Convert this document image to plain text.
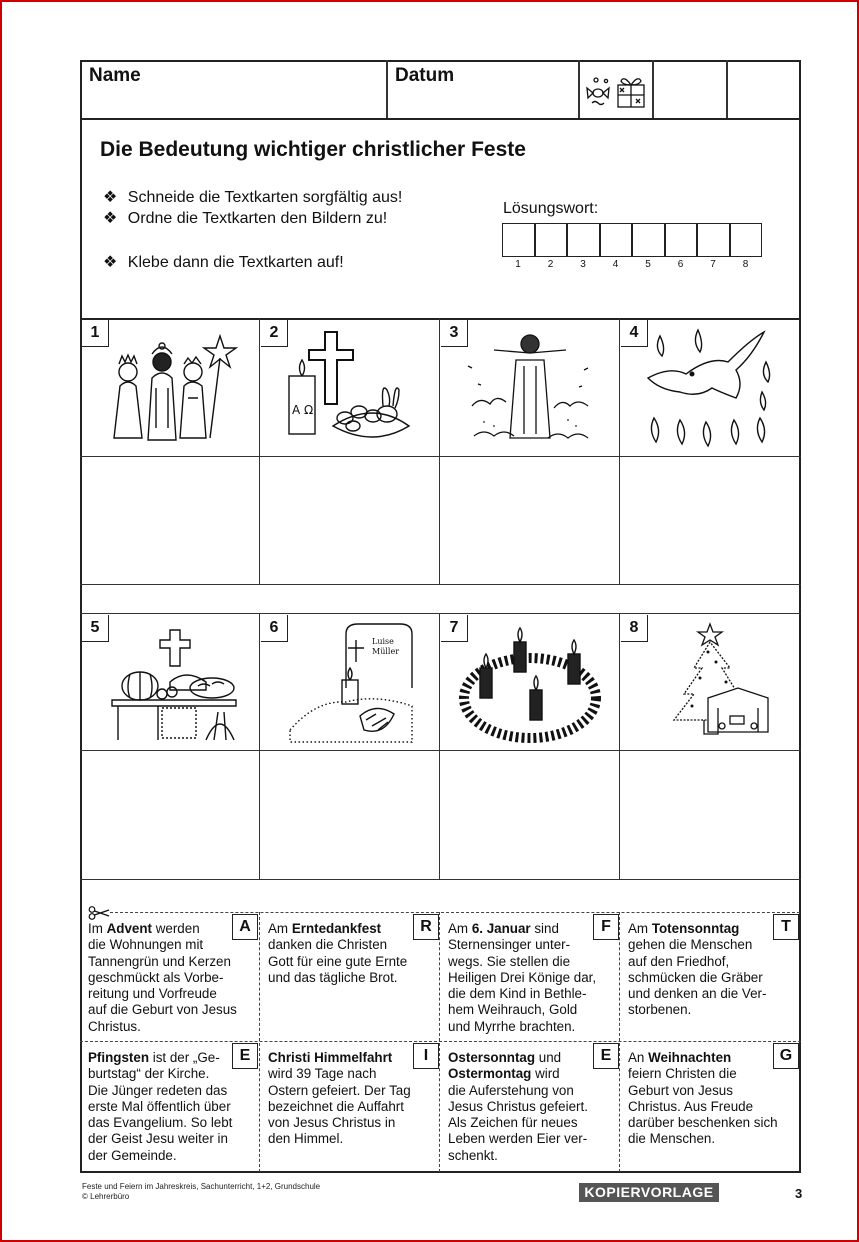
Name	Datum
Die Bedeutung wichtiger christlicher Feste
❖ Schneide die Textkarten sorgfältig aus!
❖ Ordne die Textkarten den Bildern zu!
❖ Klebe dann die Textkarten auf!
Lösungswort:
1	2	3	4	5	6	7	8
1	2	3	4
A Ω
5	6	7	8
Luise
Müller
A
Im Advent werden
die Wohnungen mit
Tannengrün und Kerzen
geschmückt als Vorbe-
reitung und Vorfreude
auf die Geburt von Jesus
Christus.
R
Am Erntedankfest
danken die Christen
Gott für eine gute Ernte
und das tägliche Brot.
F
Am 6. Januar sind
Sternensinger unter-
wegs. Sie stellen die
Heiligen Drei Könige dar,
die dem Kind in Bethle-
hem Weihrauch, Gold
und Myrrhe brachten.
T
Am Totensonntag
gehen die Menschen
auf den Friedhof,
schmücken die Gräber
und denken an die Ver-
storbenen.
E
Pfingsten ist der „Ge-
burtstag“ der Kirche.
Die Jünger redeten das
erste Mal öffentlich über
das Evangelium. So lebt
der Geist Jesu weiter in
der Gemeinde.
I
Christi Himmelfahrt
wird 39 Tage nach
Ostern gefeiert. Der Tag
bezeichnet die Auffahrt
von Jesus Christus in
den Himmel.
E
Ostersonntag und
Ostermontag wird
die Auferstehung von
Jesus Christus gefeiert.
Als Zeichen für neues
Leben werden Eier ver-
schenkt.
G
An Weihnachten
feiern Christen die
Geburt von Jesus
Christus. Aus Freude
darüber beschenken sich
die Menschen.
Feste und Feiern im Jahreskreis, Sachunterricht, 1+2, Grundschule
© Lehrerbüro	KOPIERVORLAGE	3
